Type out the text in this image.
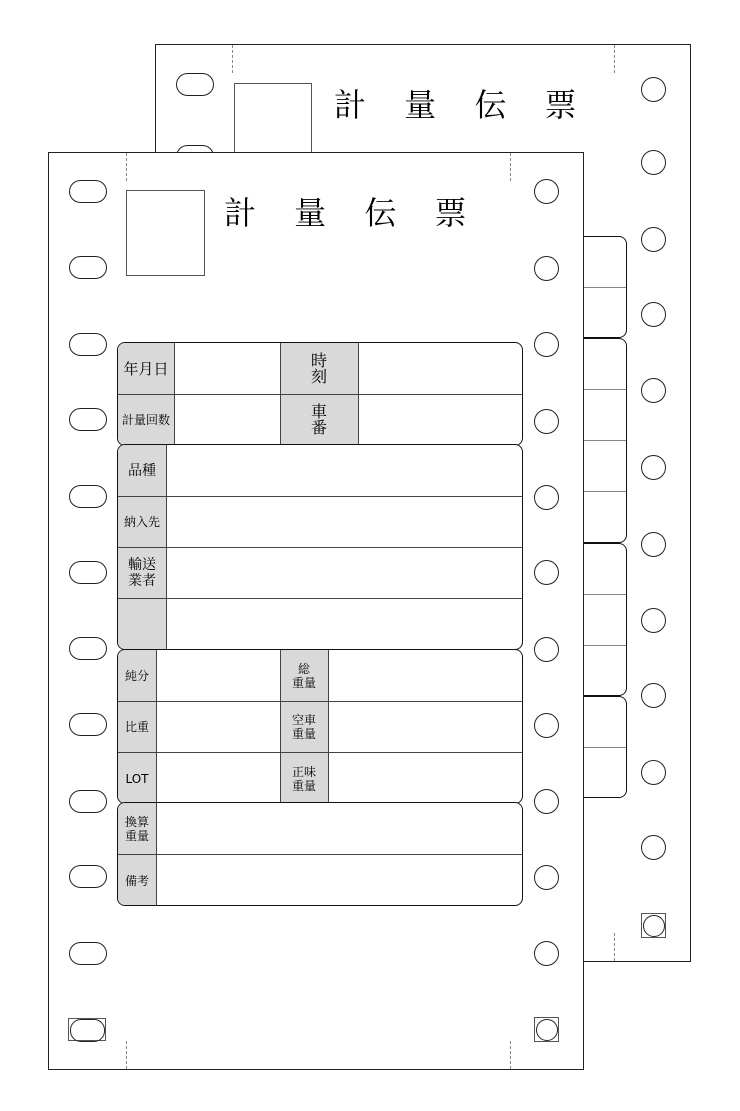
計 量 伝 票
計 量 伝 票
年月日
計量回数
時 刻
車 番
品種
納入先
輸送
業者
純分
比重
LOT
総
重量
空車
重量
正味
重量
換算
重量
備考
